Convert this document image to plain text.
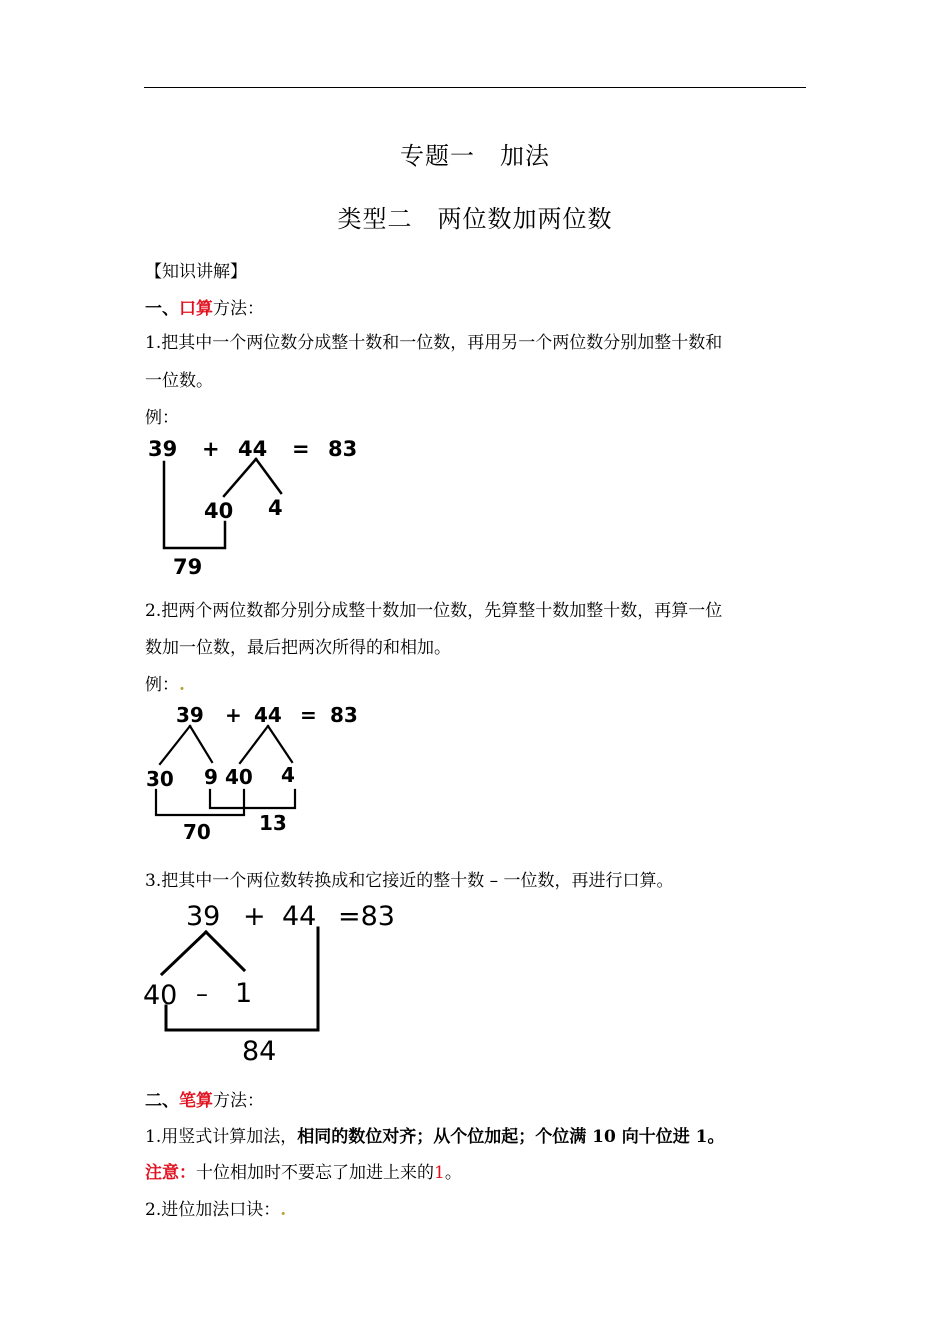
专题一　加法
类型二　两位数加两位数
【知识讲解】
一、口算方法：
1.把其中一个两位数分成整十数和一位数，再用另一个两位数分别加整十数和
一位数。
例：
39 + 44 = 83
40 4
79
2.把两个两位数都分别分成整十数加一位数，先算整十数加整十数，再算一位
数加一位数，最后把两次所得的和相加。
例：.
39 + 44 = 83
30 9 40 4
70 13
3.把其中一个两位数转换成和它接近的整十数 – 一位数，再进行口算。
39 + 44 =83
40 – 1
84
二、笔算方法：
1.用竖式计算加法，相同的数位对齐；从个位加起；个位满 10 向十位进 1。
注意：十位相加时不要忘了加进上来的1。
2.进位加法口诀：.
